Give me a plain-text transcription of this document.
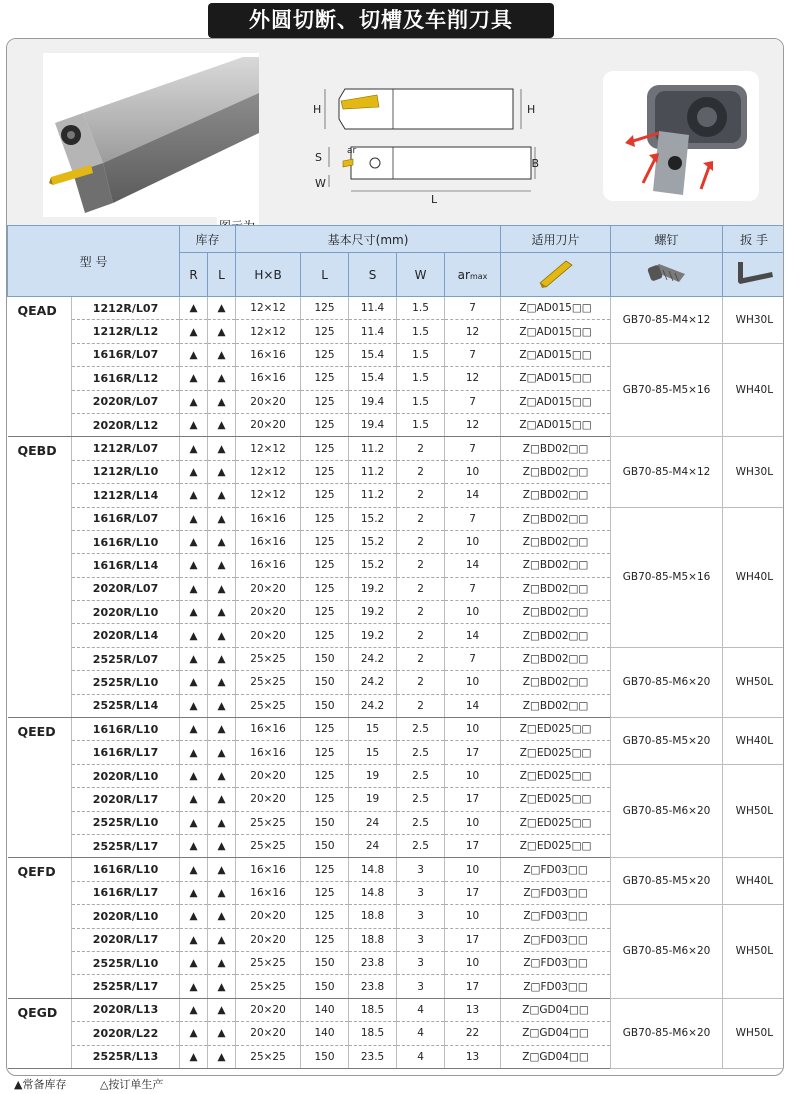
外圆切断、切槽及车削刀具
H	H
S
W
ar
L
B
型 号		库存		基本尺寸(mm)					适用刀片	螺钉	扳 手
		R	L	H×B	L	S	W	armax			
QEAD	1212R/L07	▲	▲	12×12	125	11.4	1.5	7	Z□AD015□□	GB70-85-M4×12	WH30L
	1212R/L12	▲	▲	12×12	125	11.4	1.5	12	Z□AD015□□		
	1616R/L07	▲	▲	16×16	125	15.4	1.5	7	Z□AD015□□	GB70-85-M5×16	WH40L
	1616R/L12	▲	▲	16×16	125	15.4	1.5	12	Z□AD015□□		
	2020R/L07	▲	▲	20×20	125	19.4	1.5	7	Z□AD015□□		
	2020R/L12	▲	▲	20×20	125	19.4	1.5	12	Z□AD015□□		
QEBD	1212R/L07	▲	▲	12×12	125	11.2	2	7	Z□BD02□□	GB70-85-M4×12	WH30L
	1212R/L10	▲	▲	12×12	125	11.2	2	10	Z□BD02□□		
	1212R/L14	▲	▲	12×12	125	11.2	2	14	Z□BD02□□		
	1616R/L07	▲	▲	16×16	125	15.2	2	7	Z□BD02□□	GB70-85-M5×16	WH40L
	1616R/L10	▲	▲	16×16	125	15.2	2	10	Z□BD02□□		
	1616R/L14	▲	▲	16×16	125	15.2	2	14	Z□BD02□□		
	2020R/L07	▲	▲	20×20	125	19.2	2	7	Z□BD02□□		
	2020R/L10	▲	▲	20×20	125	19.2	2	10	Z□BD02□□		
	2020R/L14	▲	▲	20×20	125	19.2	2	14	Z□BD02□□		
	2525R/L07	▲	▲	25×25	150	24.2	2	7	Z□BD02□□	GB70-85-M6×20	WH50L
	2525R/L10	▲	▲	25×25	150	24.2	2	10	Z□BD02□□		
	2525R/L14	▲	▲	25×25	150	24.2	2	14	Z□BD02□□		
QEED	1616R/L10	▲	▲	16×16	125	15	2.5	10	Z□ED025□□	GB70-85-M5×20	WH40L
	1616R/L17	▲	▲	16×16	125	15	2.5	17	Z□ED025□□		
	2020R/L10	▲	▲	20×20	125	19	2.5	10	Z□ED025□□	GB70-85-M6×20	WH50L
	2020R/L17	▲	▲	20×20	125	19	2.5	17	Z□ED025□□		
	2525R/L10	▲	▲	25×25	150	24	2.5	10	Z□ED025□□		
	2525R/L17	▲	▲	25×25	150	24	2.5	17	Z□ED025□□		
QEFD	1616R/L10	▲	▲	16×16	125	14.8	3	10	Z□FD03□□	GB70-85-M5×20	WH40L
	1616R/L17	▲	▲	16×16	125	14.8	3	17	Z□FD03□□		
	2020R/L10	▲	▲	20×20	125	18.8	3	10	Z□FD03□□	GB70-85-M6×20	WH50L
	2020R/L17	▲	▲	20×20	125	18.8	3	17	Z□FD03□□		
	2525R/L10	▲	▲	25×25	150	23.8	3	10	Z□FD03□□		
	2525R/L17	▲	▲	25×25	150	23.8	3	17	Z□FD03□□		
QEGD	2020R/L13	▲	▲	20×20	140	18.5	4	13	Z□GD04□□	GB70-85-M6×20	WH50L
	2020R/L22	▲	▲	20×20	140	18.5	4	22	Z□GD04□□		
	2525R/L13	▲	▲	25×25	150	23.5	4	13	Z□GD04□□		
▲常备库存	△按订单生产
